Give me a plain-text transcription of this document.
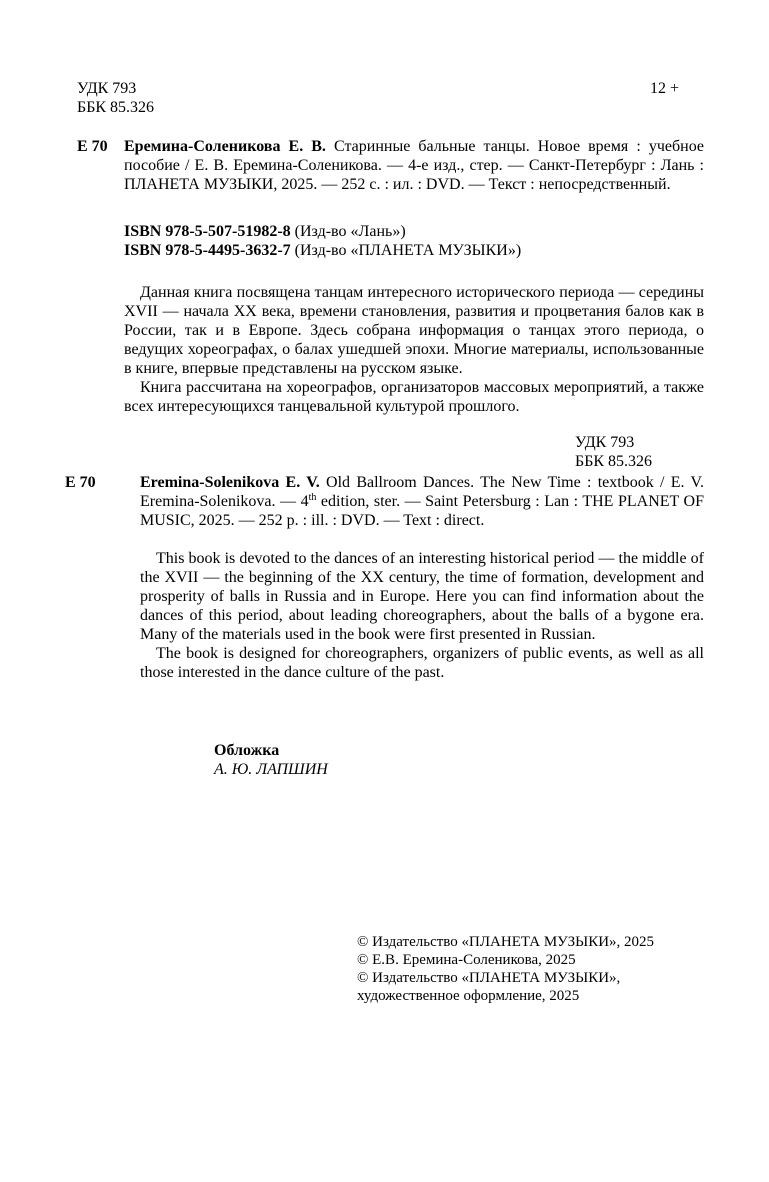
УДК 793
ББК 85.326
12 +
Е 70 Еремина-Солеников​а Е. В. Старинные бальные танцы. Новое время : учебное пособие / Е. В. Еремина-Соленикова. — 4-е изд., стер. — Санкт-Петербург : Лань : ПЛАНЕТА МУЗЫКИ, 2025. — 252 с. : ил. : DVD. — Текст : непосредственный.

ISBN 978-5-507-51982-8 (Изд-во «Лань»)
ISBN 978-5-4495-3632-7 (Изд-во «ПЛАНЕТА МУЗЫКИ»)

Данная книга посвящена танцам интересного исторического периода — середины XVII — начала XX века, времени становления, развития и процветания балов как в России, так и в Европе. Здесь собрана информация о танцах этого периода, о ведущих хореографах, о балах ушедшей эпохи. Многие материалы, использованные в книге, впервые представлены на русском языке.

Книга рассчитана на хореографов, организаторов массовых мероприятий, а также всех интересующихся танцевальной культурой прошлого.

УДК 793
ББК 85.326
E 70	Eremina-Solenikova E. V. Old Ballroom Dances. The New Time : textbook / E. V. Eremina-Solenikova. — 4th edition, ster. — Saint Petersburg : Lan : THE PLANET OF MUSIC, 2025. — 252 p. : ill. : DVD. — Text : direct.

This book is devoted to the dances of an interesting historical period — the middle of the XVII — the beginning of the XX century, the time of formation, development and prosperity of balls in Russia and in Europe. Here you can find information about the dances of this period, about leading choreographers, about the balls of a bygone era. Many of the materials used in the book were first presented in Russian.

The book is designed for choreographers, organizers of public events, as well as all those interested in the dance culture of the past.

Обложка
А. Ю. ЛАПШИН
© Издательство «ПЛАНЕТА МУЗЫКИ», 2025
© Е.В. Еремина-Соленикова, 2025
© Издательство «ПЛАНЕТА МУЗЫКИ»,
художественное оформление, 2025
